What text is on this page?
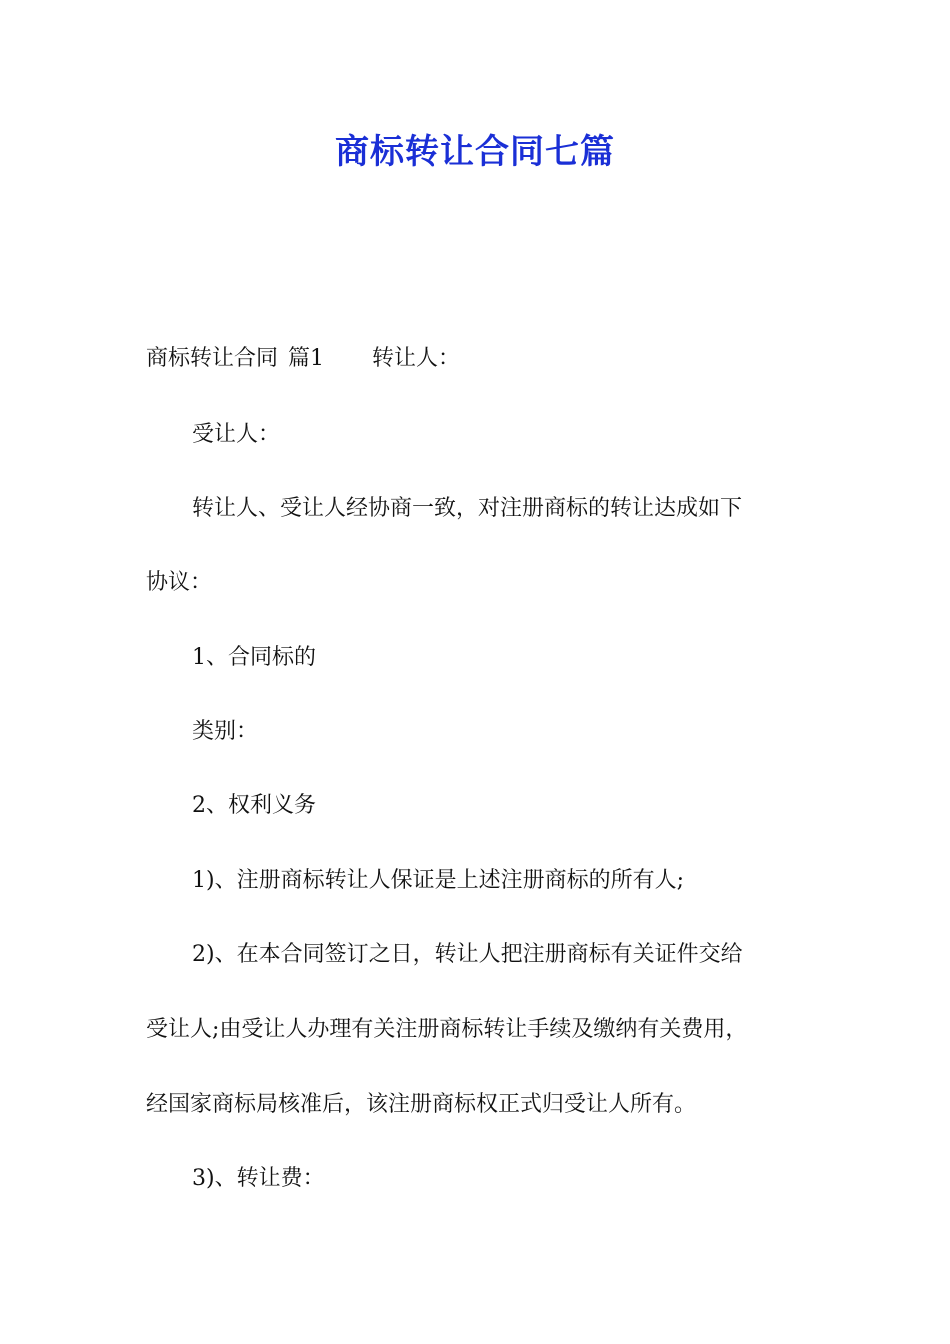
商标转让合同七篇
商标转让合同 篇1 转让人：
受让人：
转让人、受让人经协商一致，对注册商标的转让达成如下
协议：
1、合同标的
类别：
2、权利义务
1)、注册商标转让人保证是上述注册商标的所有人;
2)、在本合同签订之日，转让人把注册商标有关证件交给
受让人;由受让人办理有关注册商标转让手续及缴纳有关费用，
经国家商标局核准后，该注册商标权正式归受让人所有。
3)、转让费：
